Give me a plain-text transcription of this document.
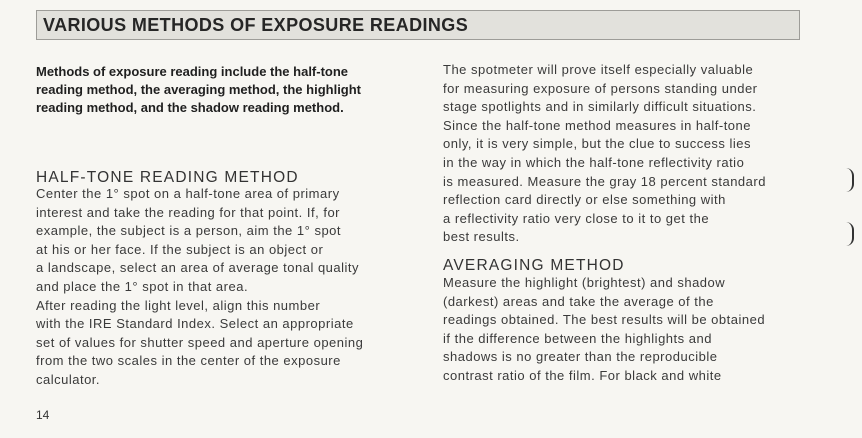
VARIOUS METHODS OF EXPOSURE READINGS
Methods of exposure reading include the half-tone reading method, the averaging method, the highlight reading method, and the shadow reading method.
HALF-TONE READING METHOD
Center the 1° spot on a half-tone area of primary
interest and take the reading for that point. If, for
example, the subject is a person, aim the 1° spot
at his or her face. If the subject is an object or
a landscape, select an area of average tonal quality
and place the 1° spot in that area.
After reading the light level, align this number
with the IRE Standard Index. Select an appropriate
set of values for shutter speed and aperture opening
from the two scales in the center of the exposure
calculator.
The spotmeter will prove itself especially valuable
for measuring exposure of persons standing under
stage spotlights and in similarly difficult situations.
Since the half-tone method measures in half-tone
only, it is very simple, but the clue to success lies
in the way in which the half-tone reflectivity ratio
is measured. Measure the gray 18 percent standard
reflection card directly or else something with
a reflectivity ratio very close to it to get the
best results.
AVERAGING METHOD
Measure the highlight (brightest) and shadow
(darkest) areas and take the average of the
readings obtained. The best results will be obtained
if the difference between the highlights and
shadows is no greater than the reproducible
contrast ratio of the film. For black and white
14
